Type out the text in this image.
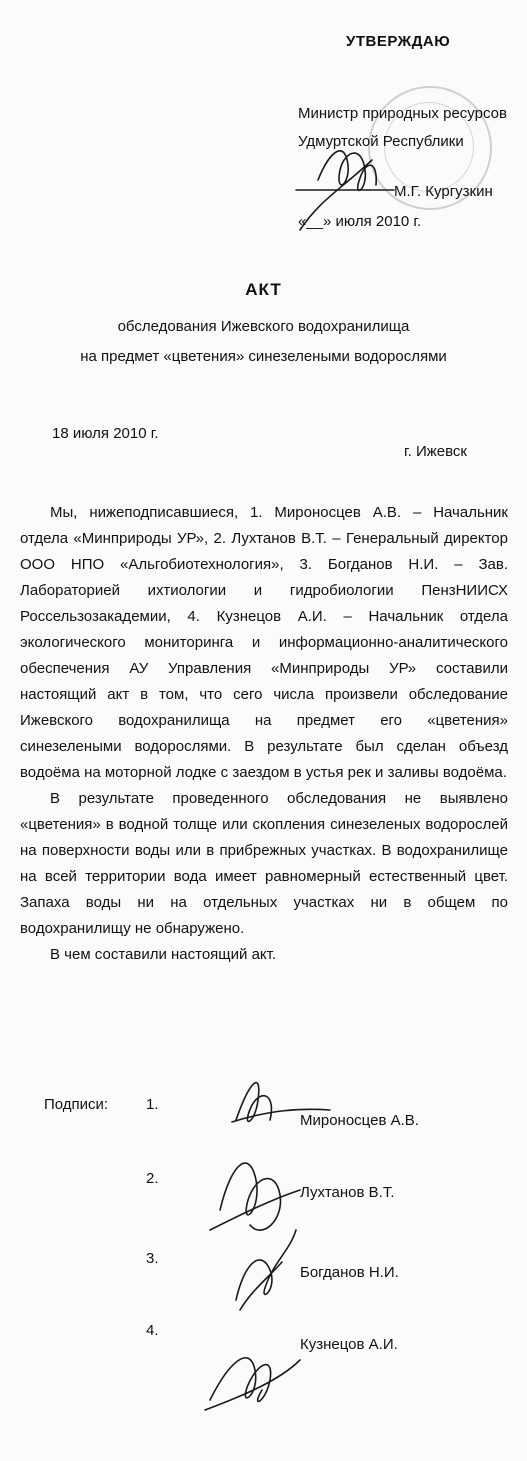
УТВЕРЖДАЮ
Министр природных ресурсов
Удмуртской Республики
М.Г. Кургузкин
«__» июля 2010 г.
АКТ
обследования Ижевского водохранилища
на предмет «цветения» синезелеными водорослями
18 июля 2010 г.
г. Ижевск

Мы, нижеподписавшиеся, 1. Мироносцев А.В. – Начальник отдела «Минприроды УР», 2. Лухтанов В.Т. – Генеральный директор ООО НПО «Альгобиотехнология», 3. Богданов Н.И. – Зав. Лабораторией ихтиологии и гидробиологии ПензНИИСХ Россельзозакадемии, 4. Кузнецов А.И. – Начальник отдела экологического мониторинга и информационно-аналитического обеспечения АУ Управления «Минприроды УР» составили настоящий акт в том, что сего числа произвели обследование Ижевского водохранилища на предмет его «цветения» синезелеными водорослями. В результате был сделан объезд водоёма на моторной лодке с заездом в устья рек и заливы водоёма.

В результате проведенного обследования не выявлено «цветения» в водной толще или скопления синезеленых водорослей на поверхности воды или в прибрежных участках. В водохранилище на всей территории вода имеет равномерный естественный цвет. Запаха воды ни на отдельных участках ни в общем по водохранилищу не обнаружено.

В чем составили настоящий акт.

Подписи:	1.
Мироносцев А.В.
2.
Лухтанов В.Т.
3.
Богданов Н.И.
4.
Кузнецов А.И.
